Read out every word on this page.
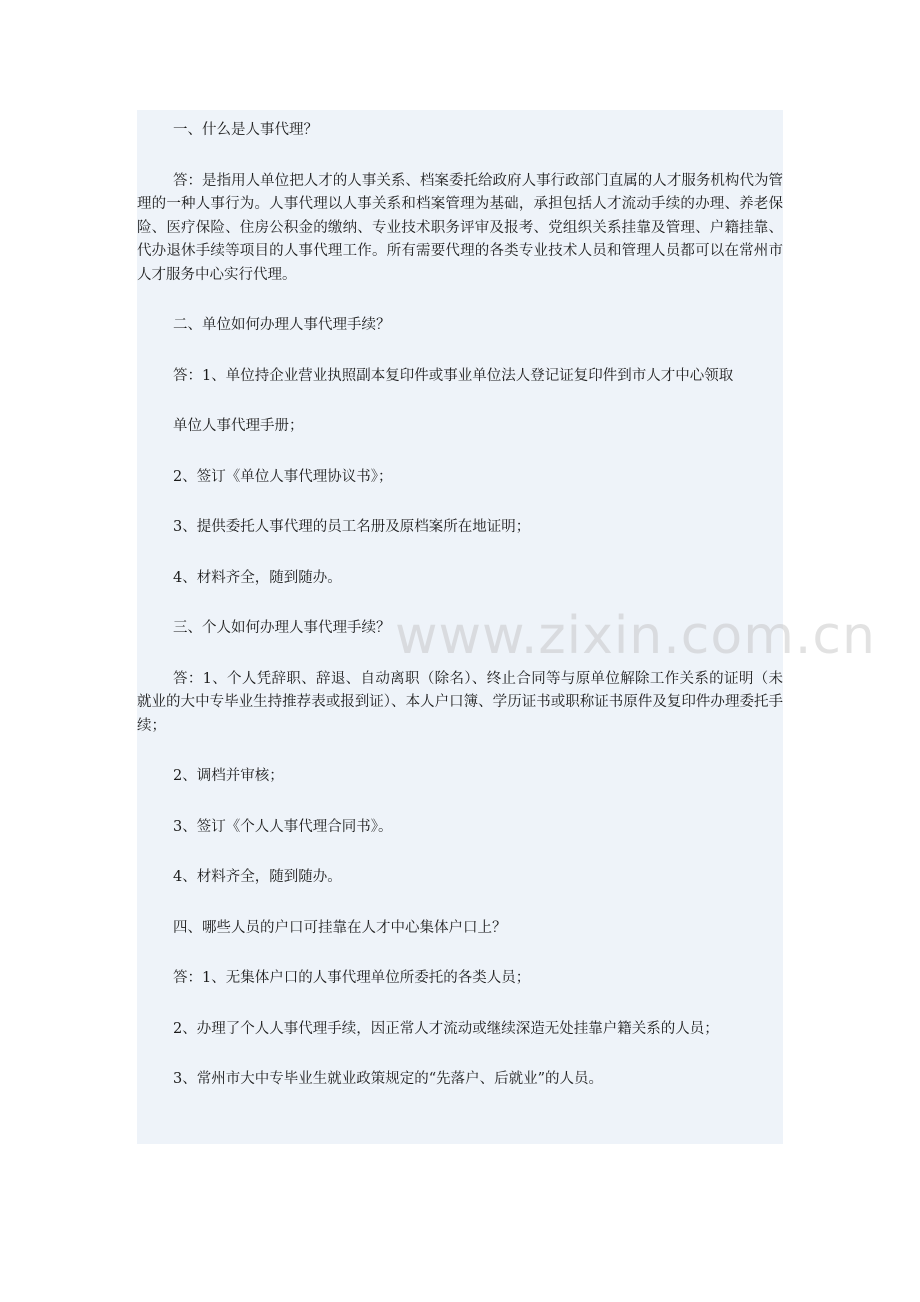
一、什么是人事代理？

答：是指用人单位把人才的人事关系、档案委托给政府人事行政部门直属的人才服务机构代为管理的一种人事行为。人事代理以人事关系和档案管理为基础，承担包括人才流动手续的办理、养老保险、医疗保险、住房公积金的缴纳、专业技术职务评审及报考、党组织关系挂靠及管理、户籍挂靠、代办退休手续等项目的人事代理工作。所有需要代理的各类专业技术人员和管理人员都可以在常州市人才服务中心实行代理。

二、单位如何办理人事代理手续？

答：1、单位持企业营业执照副本复印件或事业单位法人登记证复印件到市人才中心领取

单位人事代理手册；

2、签订《单位人事代理协议书》；

3、提供委托人事代理的员工名册及原档案所在地证明；

4、材料齐全，随到随办。

三、个人如何办理人事代理手续？

答：1、个人凭辞职、辞退、自动离职（除名）、终止合同等与原单位解除工作关系的证明（未就业的大中专毕业生持推荐表或报到证）、本人户口簿、学历证书或职称证书原件及复印件办理委托手续；

2、调档并审核；

3、签订《个人人事代理合同书》。

4、材料齐全，随到随办。

四、哪些人员的户口可挂靠在人才中心集体户口上？

答：1、无集体户口的人事代理单位所委托的各类人员；

2、办理了个人人事代理手续，因正常人才流动或继续深造无处挂靠户籍关系的人员；

3、常州市大中专毕业生就业政策规定的“先落户、后就业”的人员。

www.zixin.com.cn
